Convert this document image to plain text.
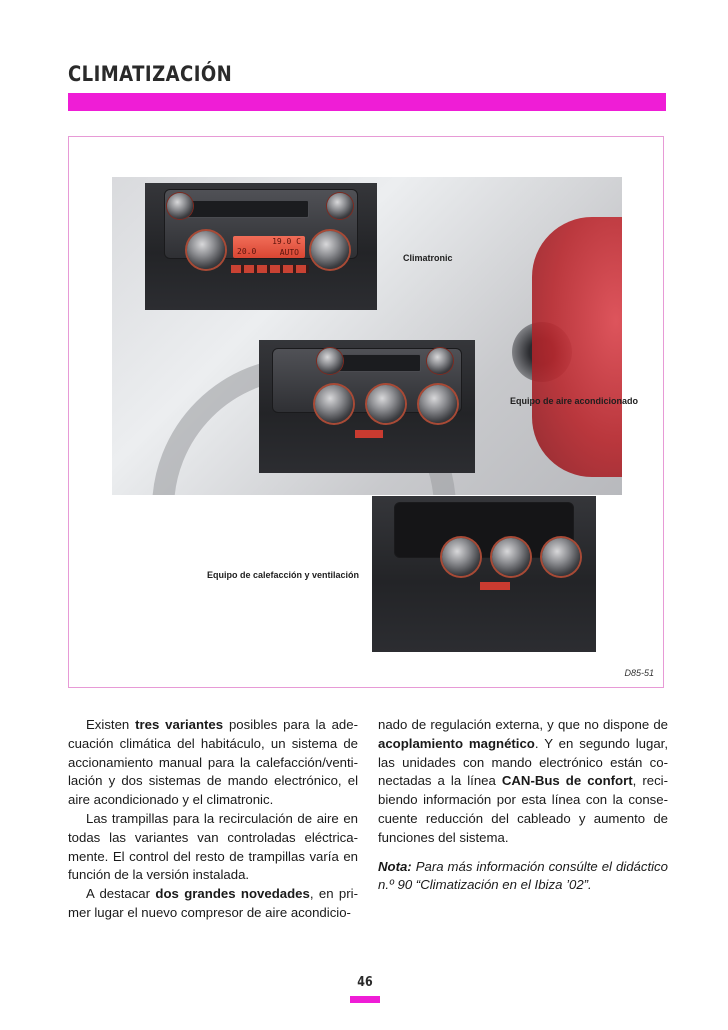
CLIMATIZACIÓN
20.0
19.0 C
AUTO
Climatronic
Equipo de aire acondicionado
Equipo de calefacción y ventilación
D85-51

Existen tres variantes posibles para la adecuación climática del habitáculo, un sistema de accionamiento manual para la calefacción/ventilación y dos sistemas de mando electrónico, el aire acondicionado y el climatronic.

Las trampillas para la recirculación de aire en todas las variantes van controladas eléctricamente. El control del resto de trampillas varía en función de la versión instalada.

A destacar dos grandes novedades, en primer lugar el nuevo compresor de aire acondicio-

nado de regulación externa, y que no dispone de acoplamiento magnético. Y en segundo lugar, las unidades con mando electrónico están conectadas a la línea CAN-Bus de confort, recibiendo información por esta línea con la consecuente reducción del cableado y aumento de funciones del sistema.

Nota: Para más información consúlte el didáctico n.º 90 “Climatización en el Ibiza ’02”.

46
